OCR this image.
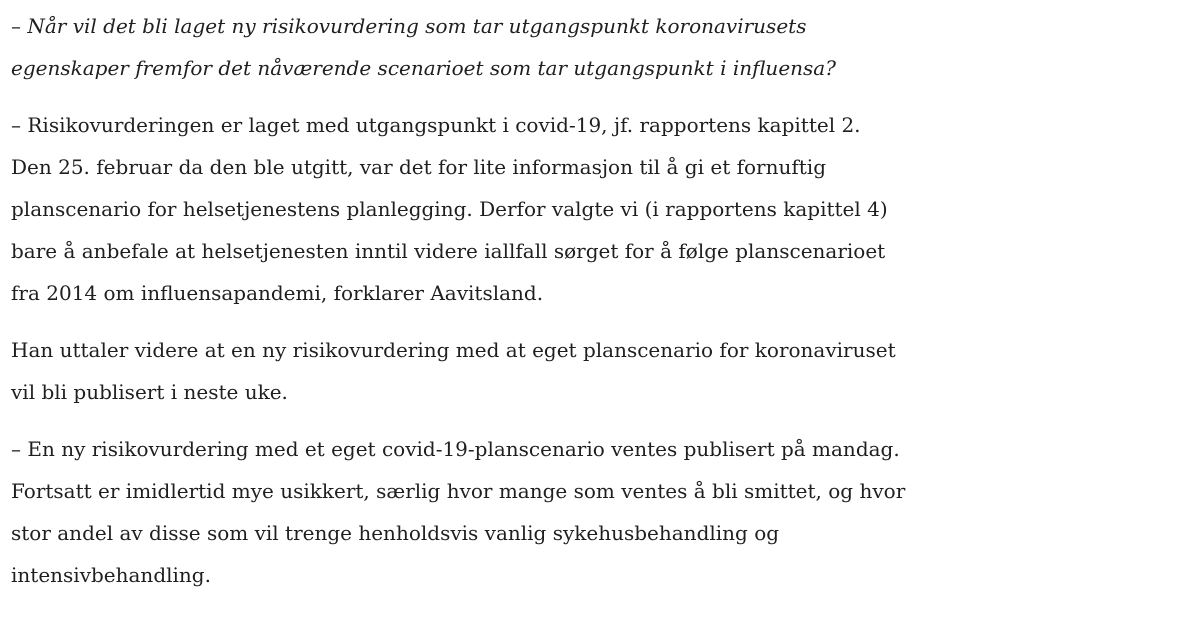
– Når vil det bli laget ny risikovurdering som tar utgangspunkt koronavirusets
egenskaper fremfor det nåværende scenarioet som tar utgangspunkt i influensa?

– Risikovurderingen er laget med utgangspunkt i covid-19, jf. rapportens kapittel 2.
Den 25. februar da den ble utgitt, var det for lite informasjon til å gi et fornuftig
planscenario for helsetjenestens planlegging. Derfor valgte vi (i rapportens kapittel 4)
bare å anbefale at helsetjenesten inntil videre iallfall sørget for å følge planscenarioet
fra 2014 om influensapandemi, forklarer Aavitsland.

Han uttaler videre at en ny risikovurdering med at eget planscenario for koronaviruset
vil bli publisert i neste uke.

– En ny risikovurdering med et eget covid-19-planscenario ventes publisert på mandag.
Fortsatt er imidlertid mye usikkert, særlig hvor mange som ventes å bli smittet, og hvor
stor andel av disse som vil trenge henholdsvis vanlig sykehusbehandling og
intensivbehandling.
